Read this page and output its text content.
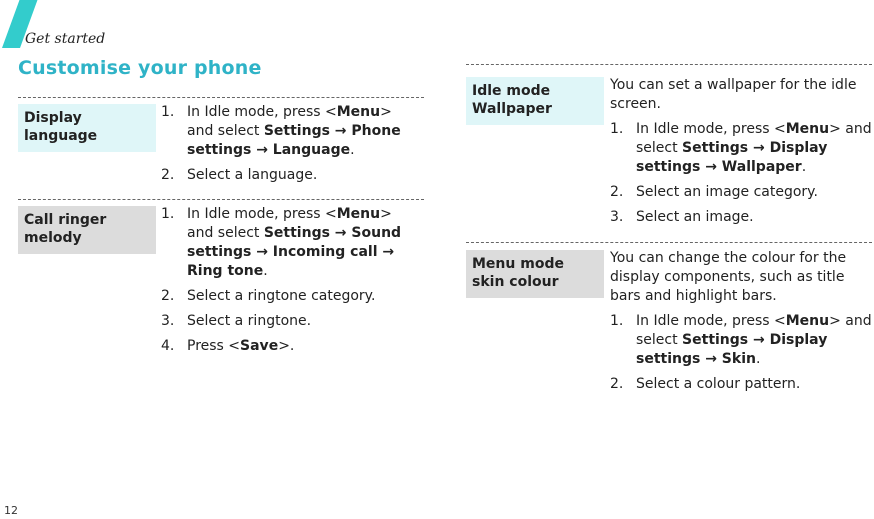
Get started
Customise your phone
Display language
1. In Idle mode, press <Menu> and select Settings → Phone settings → Language.
2. Select a language.
Call ringer melody
1. In Idle mode, press <Menu> and select Settings → Sound settings → Incoming call → Ring tone.
2. Select a ringtone category.
3. Select a ringtone.
4. Press <Save>.
Idle mode Wallpaper

You can set a wallpaper for the idle screen.

1. In Idle mode, press <Menu> and select Settings → Display settings → Wallpaper.
2. Select an image category.
3. Select an image.
Menu mode skin colour

You can change the colour for the display components, such as title bars and highlight bars.

1. In Idle mode, press <Menu> and select Settings → Display settings → Skin.
2. Select a colour pattern.
12
